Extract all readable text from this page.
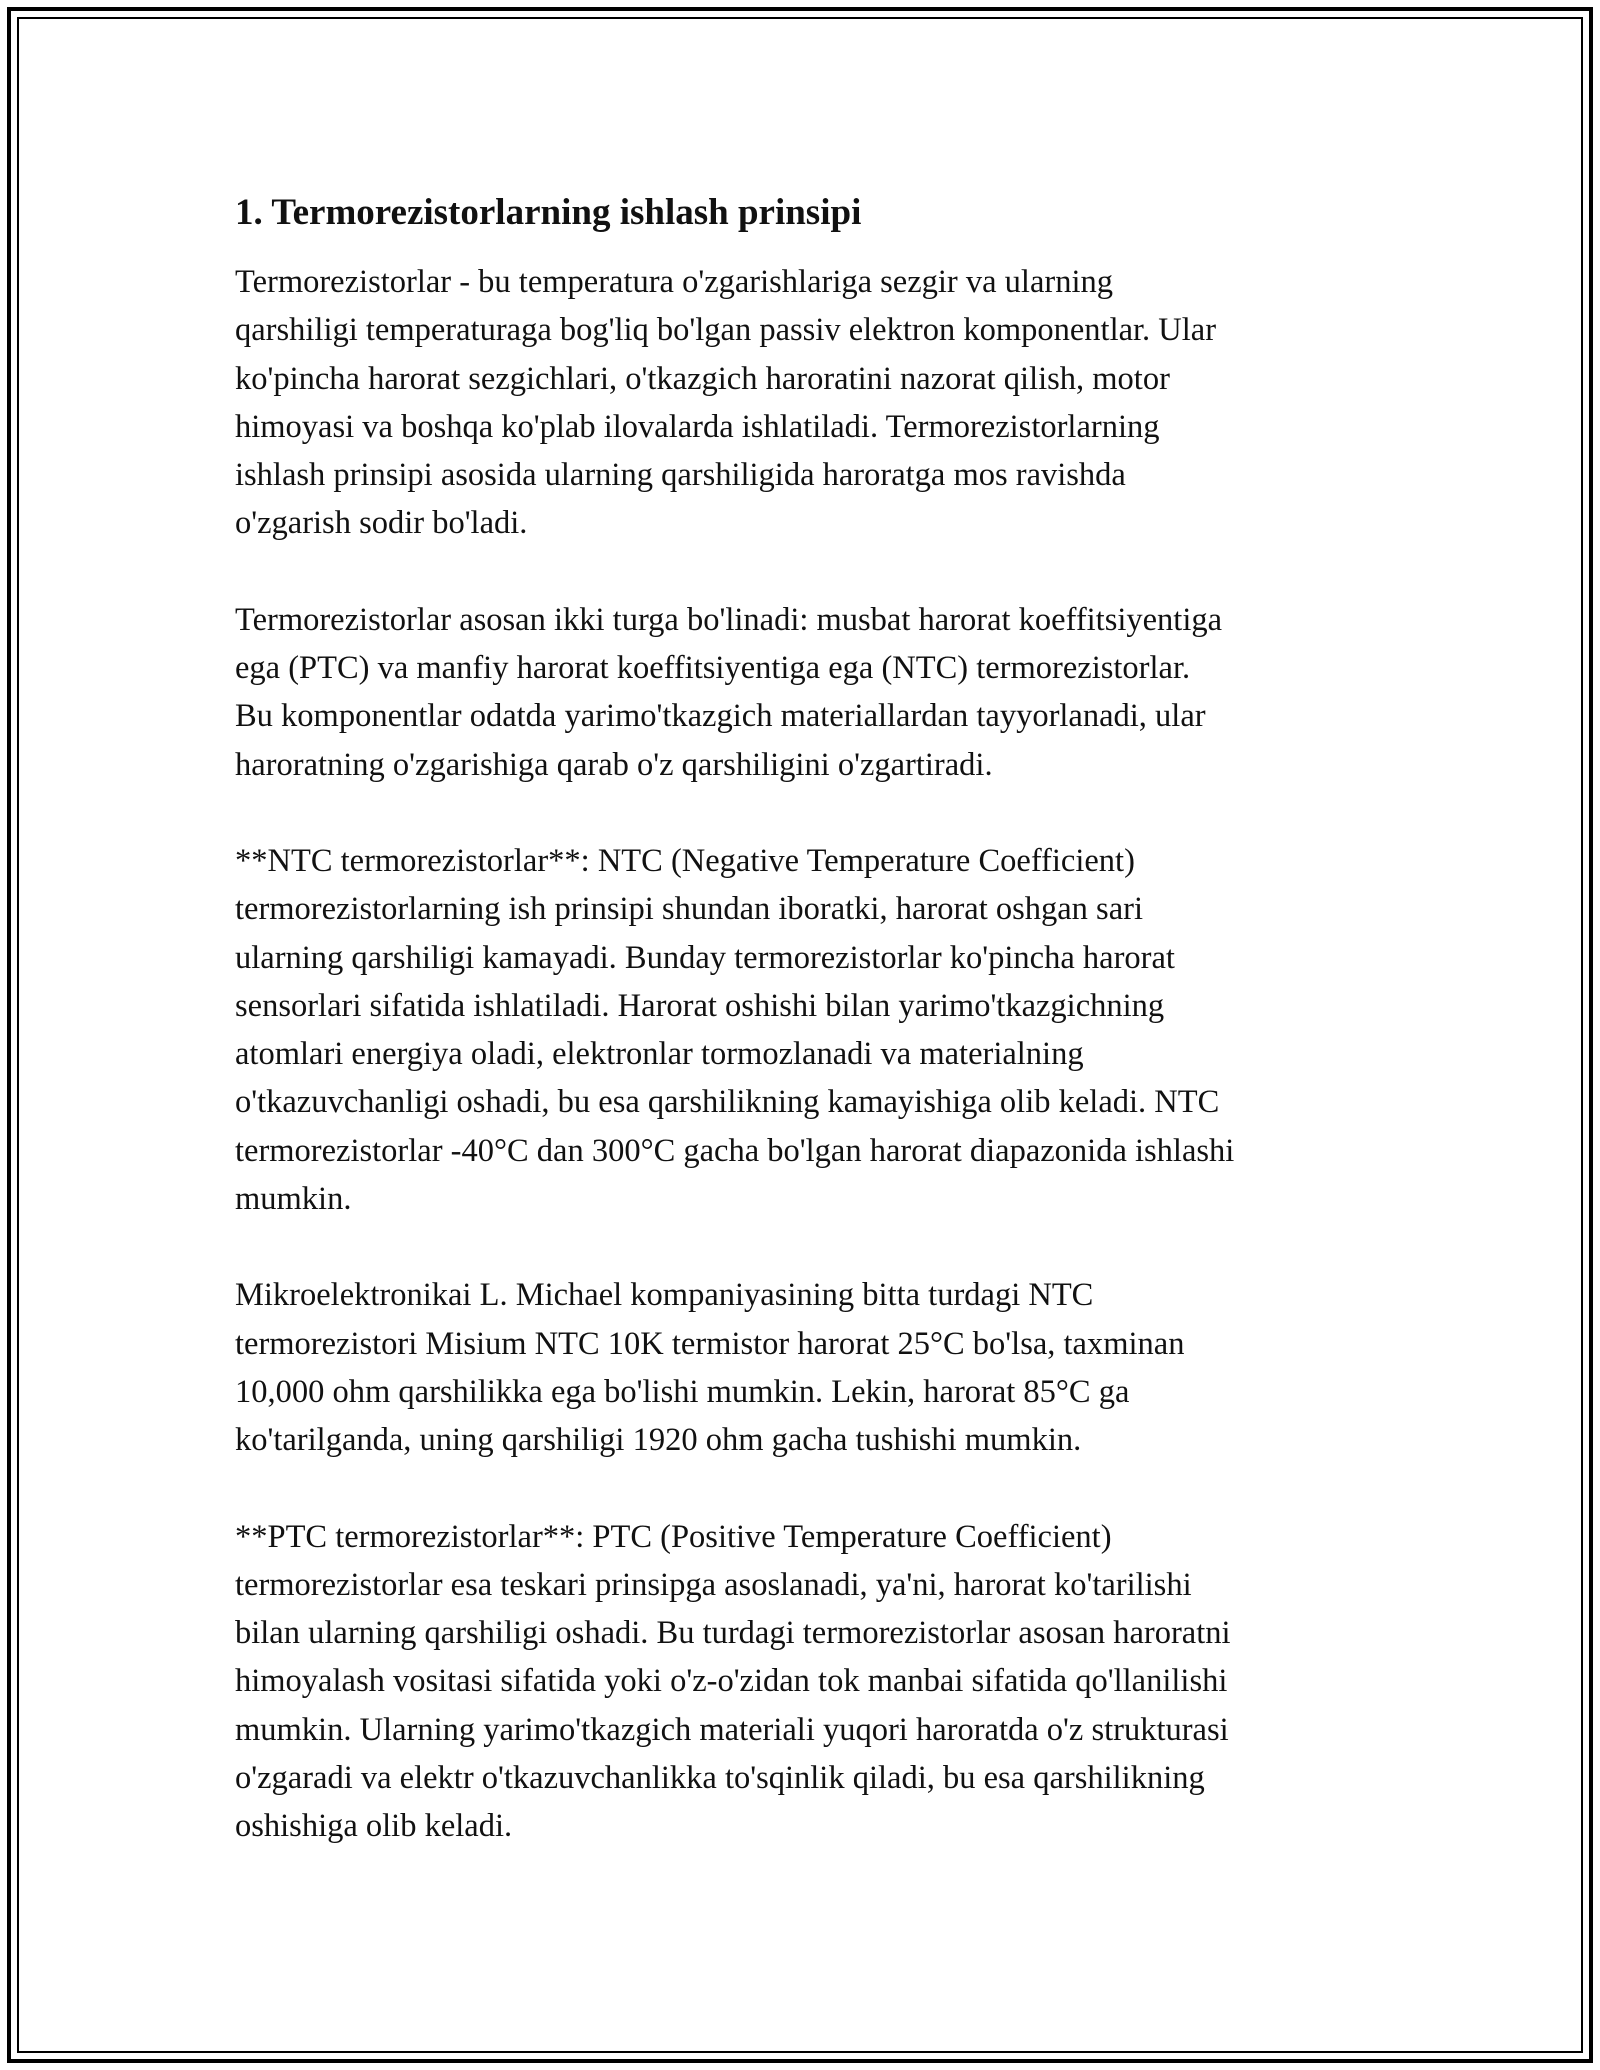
1. Termorezistorlarning ishlash prinsipi

Termorezistorlar - bu temperatura o'zgarishlariga sezgir va ularning
qarshiligi temperaturaga bog'liq bo'lgan passiv elektron komponentlar. Ular
ko'pincha harorat sezgichlari, o'tkazgich haroratini nazorat qilish, motor
himoyasi va boshqa ko'plab ilovalarda ishlatiladi. Termorezistorlarning
ishlash prinsipi asosida ularning qarshiligida haroratga mos ravishda
o'zgarish sodir bo'ladi.

Termorezistorlar asosan ikki turga bo'linadi: musbat harorat koeffitsiyentiga
ega (PTC) va manfiy harorat koeffitsiyentiga ega (NTC) termorezistorlar.
Bu komponentlar odatda yarimo'tkazgich materiallardan tayyorlanadi, ular
haroratning o'zgarishiga qarab o'z qarshiligini o'zgartiradi.

**NTC termorezistorlar**: NTC (Negative Temperature Coefficient)
termorezistorlarning ish prinsipi shundan iboratki, harorat oshgan sari
ularning qarshiligi kamayadi. Bunday termorezistorlar ko'pincha harorat
sensorlari sifatida ishlatiladi. Harorat oshishi bilan yarimo'tkazgichning
atomlari energiya oladi, elektronlar tormozlanadi va materialning
o'tkazuvchanligi oshadi, bu esa qarshilikning kamayishiga olib keladi. NTC
termorezistorlar -40°C dan 300°C gacha bo'lgan harorat diapazonida ishlashi
mumkin.

Mikroelektronikai L. Michael kompaniyasining bitta turdagi NTC
termorezistori Misium NTC 10K termistor harorat 25°C bo'lsa, taxminan
10,000 ohm qarshilikka ega bo'lishi mumkin. Lekin, harorat 85°C ga
ko'tarilganda, uning qarshiligi 1920 ohm gacha tushishi mumkin.

**PTC termorezistorlar**: PTC (Positive Temperature Coefficient)
termorezistorlar esa teskari prinsipga asoslanadi, ya'ni, harorat ko'tarilishi
bilan ularning qarshiligi oshadi. Bu turdagi termorezistorlar asosan haroratni
himoyalash vositasi sifatida yoki o'z-o'zidan tok manbai sifatida qo'llanilishi
mumkin. Ularning yarimo'tkazgich materiali yuqori haroratda o'z strukturasi
o'zgaradi va elektr o'tkazuvchanlikka to'sqinlik qiladi, bu esa qarshilikning
oshishiga olib keladi.
